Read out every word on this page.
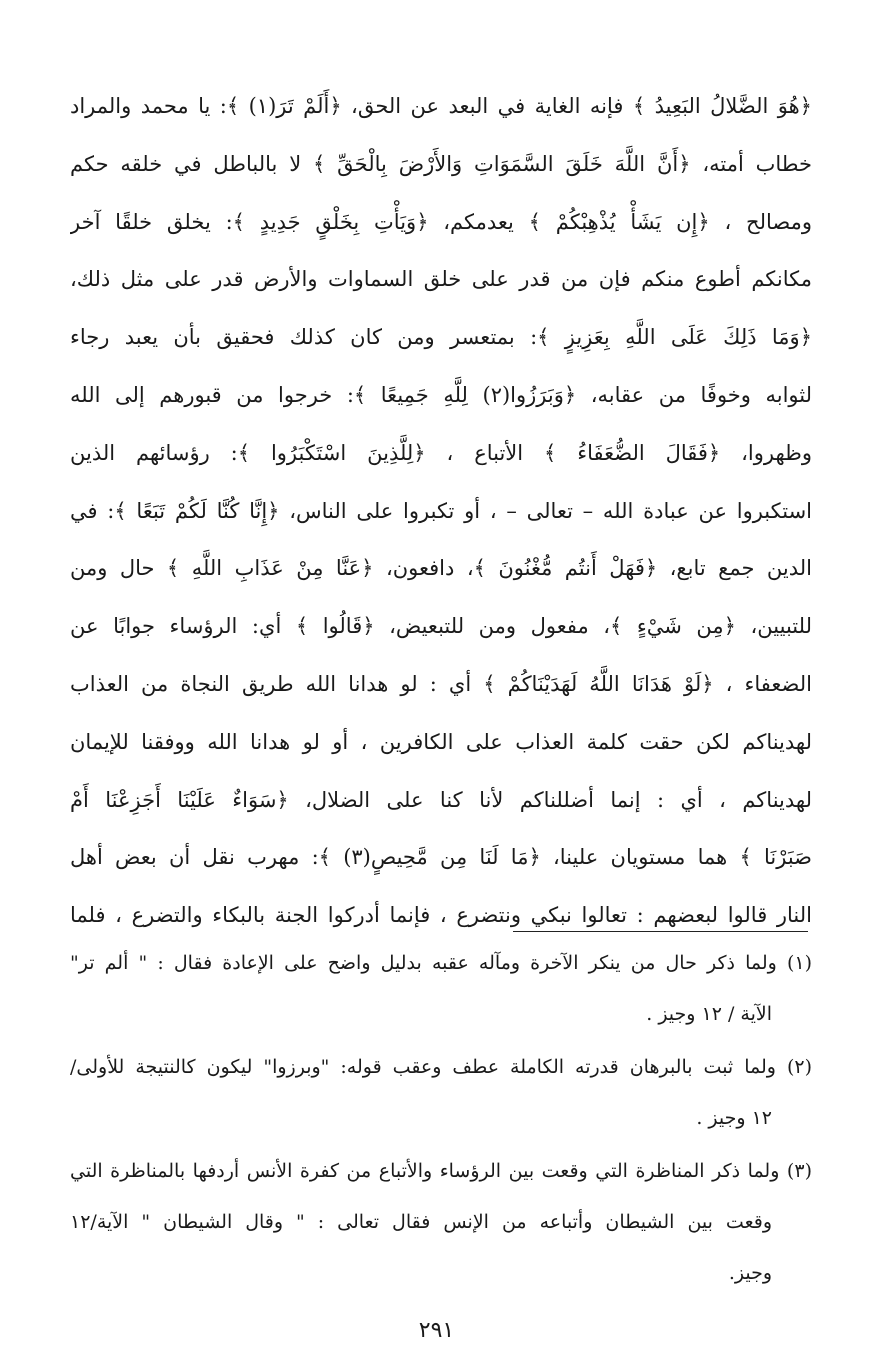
﴿هُوَ الضَّلالُ البَعِيدُ ﴾ فإنه الغاية في البعد عن الحق، ﴿أَلَمْ تَرَ(١) ﴾: يا محمد والمراد
خطاب أمته، ﴿أَنَّ اللَّهَ خَلَقَ السَّمَوَاتِ وَالأَرْضَ بِالْحَقِّ ﴾ لا بالباطل في خلقه حكم
ومصالح ، ﴿إِن يَشَأْ يُذْهِبْكُمْ ﴾ يعدمكم، ﴿وَيَأْتِ بِخَلْقٍ جَدِيدٍ ﴾: يخلق خلقًا آخر
مكانكم أطوع منكم فإن من قدر على خلق السماوات والأرض قدر على مثل ذلك،
﴿وَمَا ذَلِكَ عَلَى اللَّهِ بِعَزِيزٍ ﴾: بمتعسر ومن كان كذلك فحقيق بأن يعبد رجاء
لثوابه وخوفًا من عقابه، ﴿وَبَرَزُوا(٢) لِلَّهِ جَمِيعًا ﴾: خرجوا من قبورهم إلى الله
وظهروا، ﴿فَقَالَ الضُّعَفَاءُ ﴾ الأتباع ، ﴿لِلَّذِينَ اسْتَكْبَرُوا ﴾: رؤسائهم الذين
استكبروا عن عبادة الله – تعالى – ، أو تكبروا على الناس، ﴿إِنَّا كُنَّا لَكُمْ تَبَعًا ﴾: في
الدين جمع تابع، ﴿فَهَلْ أَنتُم مُّغْنُونَ ﴾، دافعون، ﴿عَنَّا مِنْ عَذَابِ اللَّهِ ﴾ حال ومن
للتبيين، ﴿مِن شَيْءٍ ﴾، مفعول ومن للتبعيض، ﴿قَالُوا ﴾ أي: الرؤساء جوابًا عن
الضعفاء ، ﴿لَوْ هَدَانَا اللَّهُ لَهَدَيْنَاكُمْ ﴾ أي : لو هدانا الله طريق النجاة من العذاب
لهديناكم لكن حقت كلمة العذاب على الكافرين ، أو لو هدانا الله ووفقنا للإيمان
لهديناكم ، أي : إنما أضللناكم لأنا كنا على الضلال، ﴿سَوَاءٌ عَلَيْنَا أَجَزِعْنَا أَمْ
صَبَرْنَا ﴾ هما مستويان علينا، ﴿مَا لَنَا مِن مَّحِيصٍ(٣) ﴾: مهرب نقل أن بعض أهل
النار قالوا لبعضهم : تعالوا نبكي ونتضرع ، فإنما أدركوا الجنة بالبكاء والتضرع ، فلما
(١) ولما ذكر حال من ينكر الآخرة ومآله عقبه بدليل واضح على الإعادة فقال : " ألم تر"
الآية / ١٢ وجيز .
(٢) ولما ثبت بالبرهان قدرته الكاملة عطف وعقب قوله: "وبرزوا" ليكون كالنتيجة للأولى/
١٢ وجيز .
(٣) ولما ذكر المناظرة التي وقعت بين الرؤساء والأتباع من كفرة الأنس أردفها بالمناظرة التي
وقعت بين الشيطان وأتباعه من الإنس فقال تعالى : " وقال الشيطان " الآية/١٢
وجيز.
٢٩١
